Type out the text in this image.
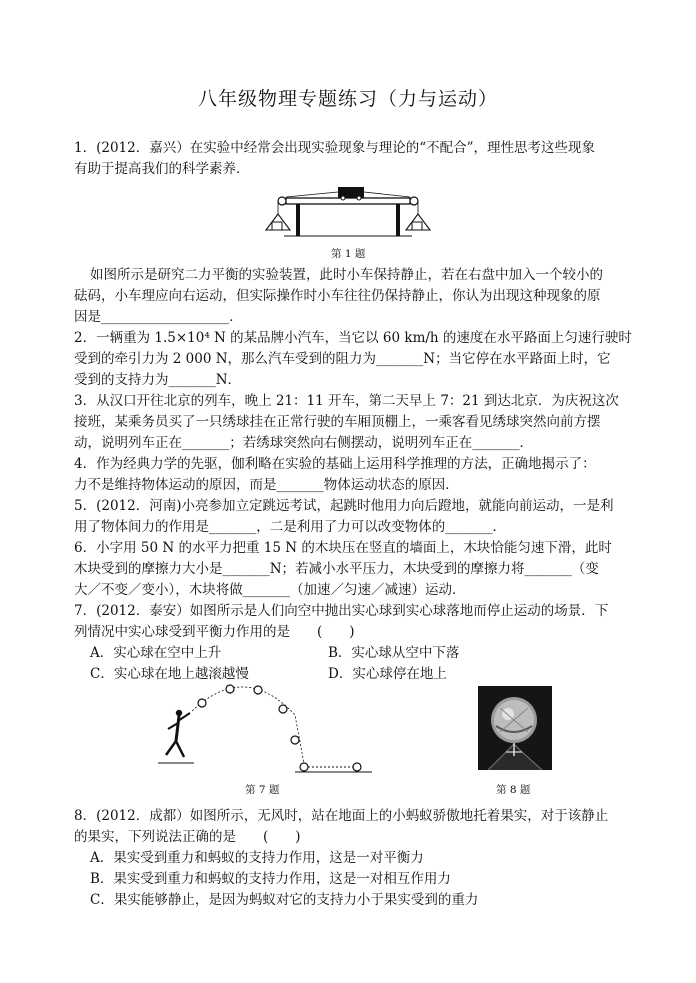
八年级物理专题练习（力与运动）
1．(2012．嘉兴）在实验中经常会出现实验现象与理论的“不配合”，理性思考这些现象
有助于提高我们的科学素养．
第 1 题
如图所示是研究二力平衡的实验装置，此时小车保持静止，若在右盘中加入一个较小的
砝码，小车理应向右运动，但实际操作时小车往往仍保持静止，你认为出现这种现象的原
因是___________________．
2．一辆重为 1.5×10⁴ N 的某品牌小汽车，当它以 60 km/h 的速度在水平路面上匀速行驶时
受到的牵引力为 2 000 N，那么汽车受到的阻力为_______N；当它停在水平路面上时，它
受到的支持力为_______N．
3．从汉口开往北京的列车，晚上 21：11 开车，第二天早上 7：21 到达北京．为庆祝这次
接班，某乘务员买了一只绣球挂在正常行驶的车厢顶棚上，一乘客看见绣球突然向前方摆
动，说明列车正在_______；若绣球突然向右侧摆动，说明列车正在_______．
4．作为经典力学的先驱，伽利略在实验的基础上运用科学推理的方法，正确地揭示了：
力不是维持物体运动的原因，而是_______物体运动状态的原因．
5．(2012．河南)小亮参加立定跳远考试，起跳时他用力向后蹬地，就能向前运动，一是利
用了物体间力的作用是_______，二是利用了力可以改变物体的_______．
6．小字用 50 N 的水平力把重 15 N 的木块压在竖直的墙面上，木块恰能匀速下滑，此时
木块受到的摩擦力大小是_______N；若减小水平压力，木块受到的摩擦力将_______（变
大／不变／变小），木块将做_______（加速／匀速／减速）运动．
7．(2012．泰安）如图所示是人们向空中抛出实心球到实心球落地而停止运动的场景．下
列情况中实心球受到平衡力作用的是　　(　　)
A．实心球在空中上升	B．实心球从空中下落
C．实心球在地上越滚越慢	D．实心球停在地上
第 7 题	第 8 题
8．(2012．成都）如图所示，无风时，站在地面上的小蚂蚁骄傲地托着果实，对于该静止
的果实，下列说法正确的是　　(　　)
A．果实受到重力和蚂蚁的支持力作用，这是一对平衡力
B．果实受到重力和蚂蚁的支持力作用，这是一对相互作用力
C．果实能够静止，是因为蚂蚁对它的支持力小于果实受到的重力
